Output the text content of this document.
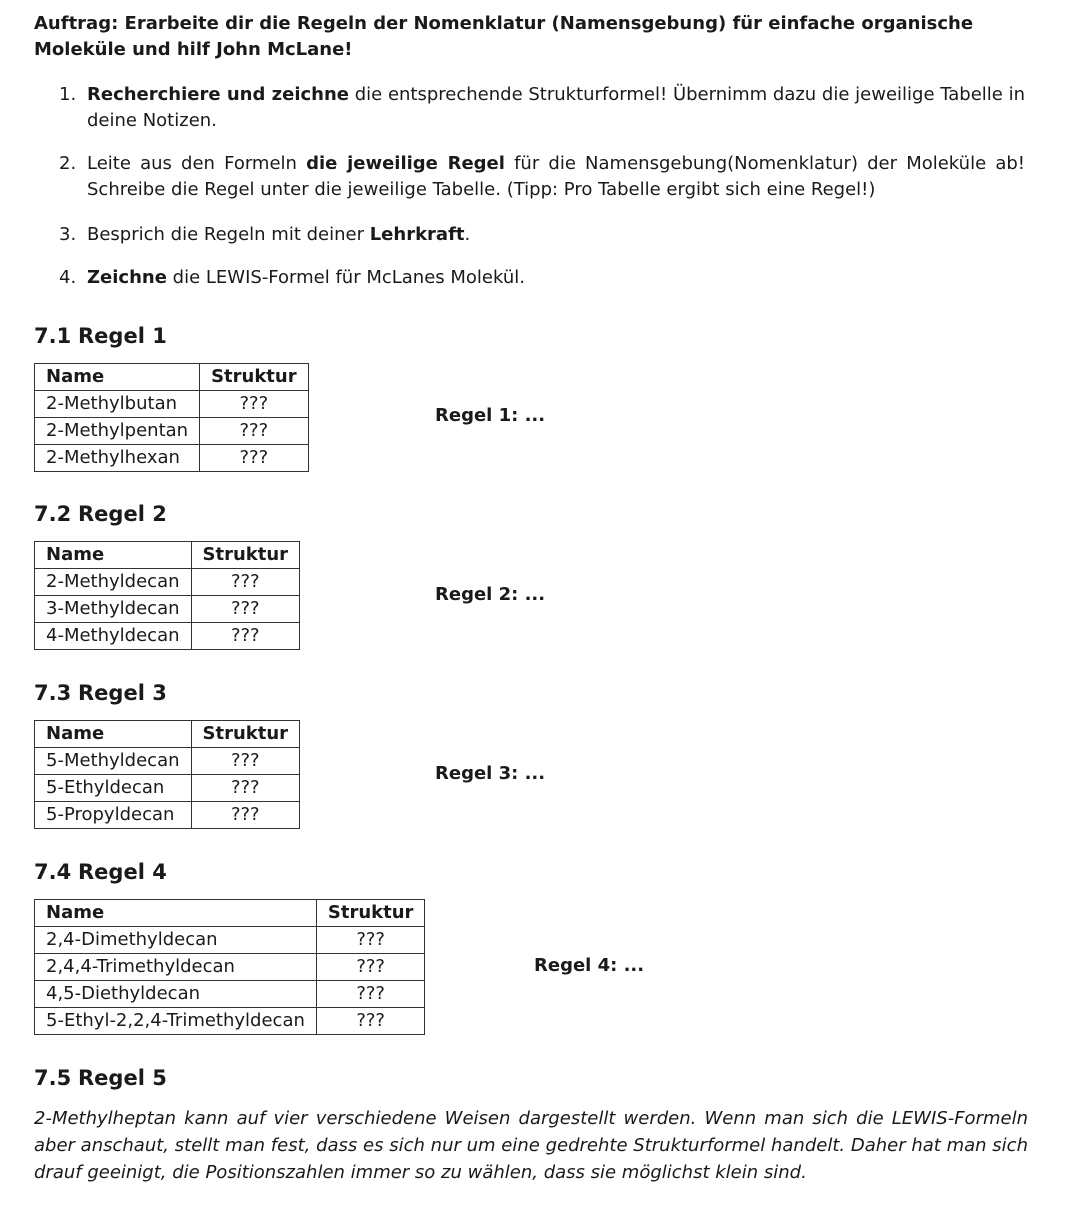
Auftrag: Erarbeite dir die Regeln der Nomenklatur (Namensgebung) für einfache organische Moleküle und hilf John McLane!
1. Recherchiere und zeichne die entsprechende Strukturformel! Übernimm dazu die jeweilige Tabelle in deine Notizen.
2. Leite aus den Formeln die jeweilige Regel für die Namensgebung(Nomenklatur) der Moleküle ab! Schreibe die Regel unter die jeweilige Tabelle. (Tipp: Pro Tabelle ergibt sich eine Regel!)
3. Besprich die Regeln mit deiner Lehrkraft.
4. Zeichne die LEWIS-Formel für McLanes Molekül.
7.1 Regel 1
Name	Struktur
2-Methylbutan	???
2-Methylpentan	???
2-Methylhexan	???
Regel 1: ...
7.2 Regel 2
Name	Struktur
2-Methyldecan	???
3-Methyldecan	???
4-Methyldecan	???
Regel 2: ...
7.3 Regel 3
Name	Struktur
5-Methyldecan	???
5-Ethyldecan	???
5-Propyldecan	???
Regel 3: ...
7.4 Regel 4
Name	Struktur
2,4-Dimethyldecan	???
2,4,4-Trimethyldecan	???
4,5-Diethyldecan	???
5-Ethyl-2,2,4-Trimethyldecan	???
Regel 4: ...
7.5 Regel 5
2-Methylheptan kann auf vier verschiedene Weisen dargestellt werden. Wenn man sich die LEWIS-Formeln aber anschaut, stellt man fest, dass es sich nur um eine gedrehte Strukturformel handelt. Daher hat man sich drauf geeinigt, die Positionszahlen immer so zu wählen, dass sie möglichst klein sind.
